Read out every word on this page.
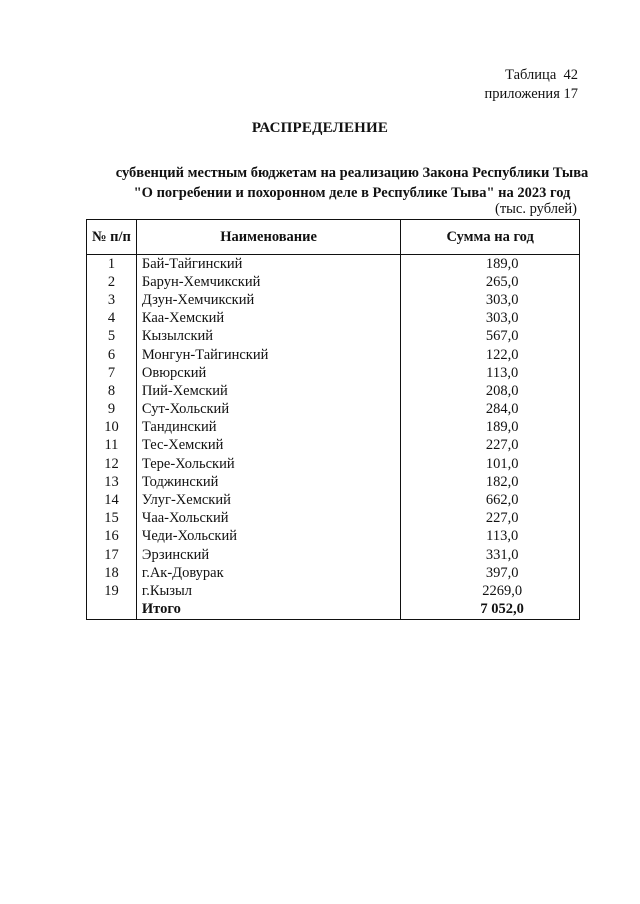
Таблица  42
приложения 17
РАСПРЕДЕЛЕНИЕ
субвенций местным бюджетам на реализацию Закона Республики Тыва
"О погребении и похоронном деле в Республике Тыва" на 2023 год
(тыс. рублей)
№ п/п	Наименование	Сумма на год
1	Бай-Тайгинский	189,0
2	Барун-Хемчикский	265,0
3	Дзун-Хемчикский	303,0
4	Каа-Хемский	303,0
5	Кызылский	567,0
6	Монгун-Тайгинский	122,0
7	Овюрский	113,0
8	Пий-Хемский	208,0
9	Сут-Хольский	284,0
10	Тандинский	189,0
11	Тес-Хемский	227,0
12	Тере-Хольский	101,0
13	Тоджинский	182,0
14	Улуг-Хемский	662,0
15	Чаа-Хольский	227,0
16	Чеди-Хольский	113,0
17	Эрзинский	331,0
18	г.Ак-Довурак	397,0
19	г.Кызыл	2269,0
	Итого	7 052,0
